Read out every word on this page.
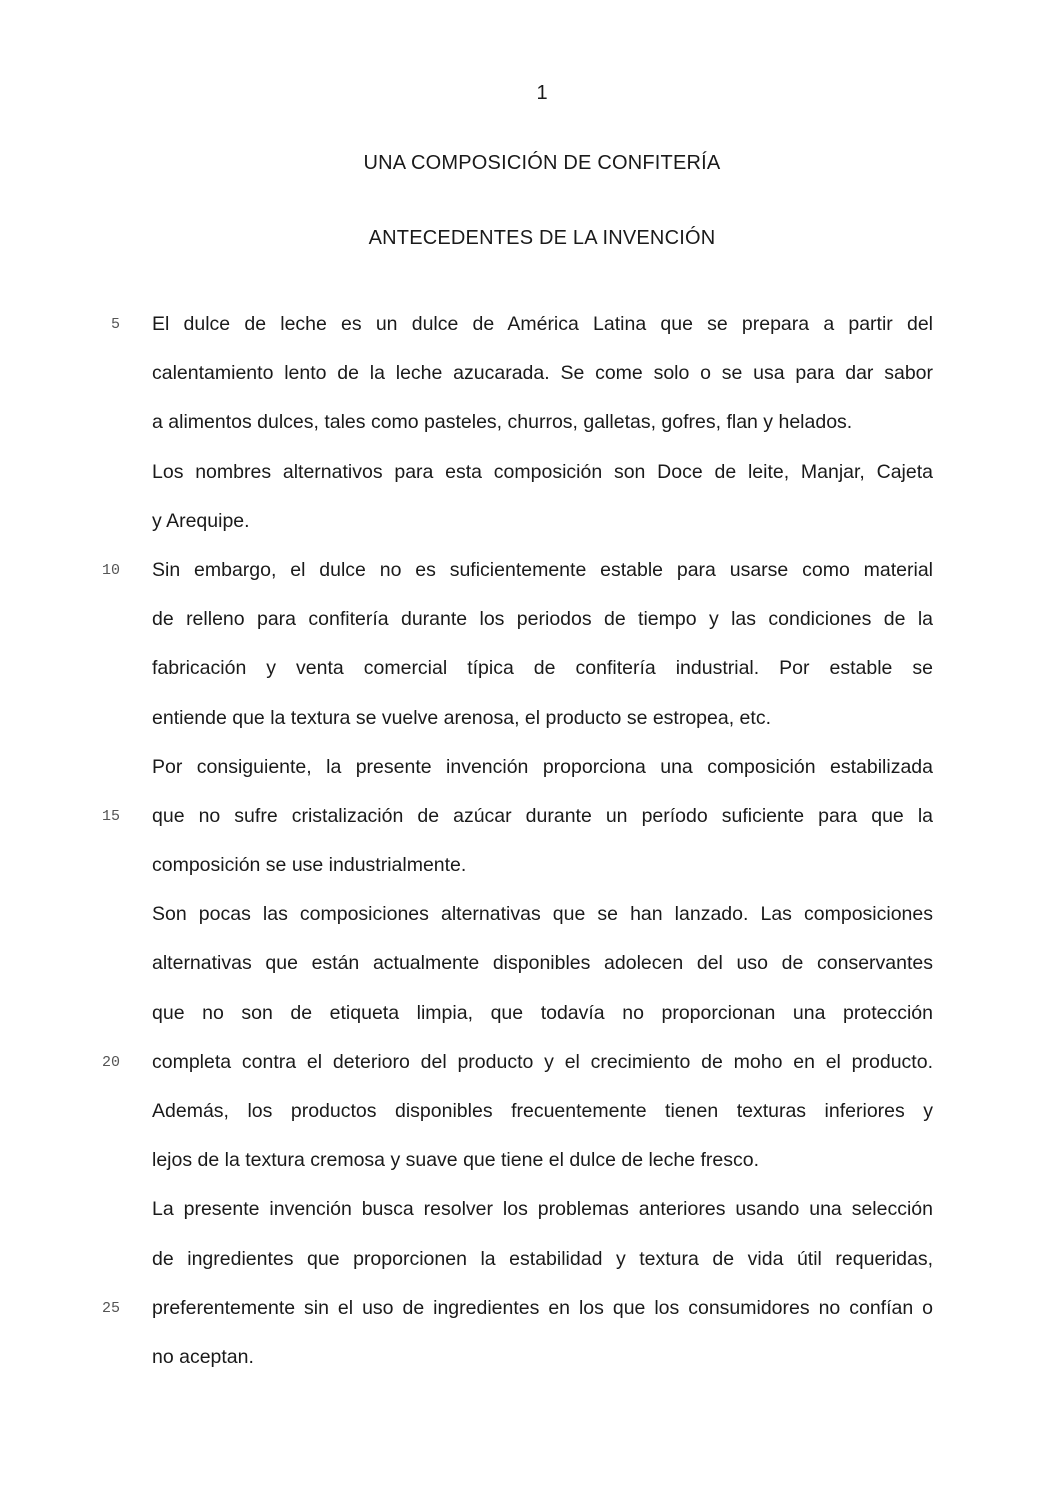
1
UNA COMPOSICIÓN DE CONFITERÍA
ANTECEDENTES DE LA INVENCIÓN
5
10
15
20
25
El dulce de leche es un dulce de América Latina que se prepara a partir del
calentamiento lento de la leche azucarada. Se come solo o se usa para dar sabor
a alimentos dulces, tales como pasteles, churros, galletas, gofres, flan y helados.
Los nombres alternativos para esta composición son Doce de leite, Manjar, Cajeta
y Arequipe.
Sin embargo, el dulce no es suficientemente estable para usarse como material
de relleno para confitería durante los periodos de tiempo y las condiciones de la
fabricación y venta comercial típica de confitería industrial. Por estable se
entiende que la textura se vuelve arenosa, el producto se estropea, etc.
Por consiguiente, la presente invención proporciona una composición estabilizada
que no sufre cristalización de azúcar durante un período suficiente para que la
composición se use industrialmente.
Son pocas las composiciones alternativas que se han lanzado. Las composiciones
alternativas que están actualmente disponibles adolecen del uso de conservantes
que no son de etiqueta limpia, que todavía no proporcionan una protección
completa contra el deterioro del producto y el crecimiento de moho en el producto.
Además, los productos disponibles frecuentemente tienen texturas inferiores y
lejos de la textura cremosa y suave que tiene el dulce de leche fresco.
La presente invención busca resolver los problemas anteriores usando una selección
de ingredientes que proporcionen la estabilidad y textura de vida útil requeridas,
preferentemente sin el uso de ingredientes en los que los consumidores no confían o
no aceptan.
